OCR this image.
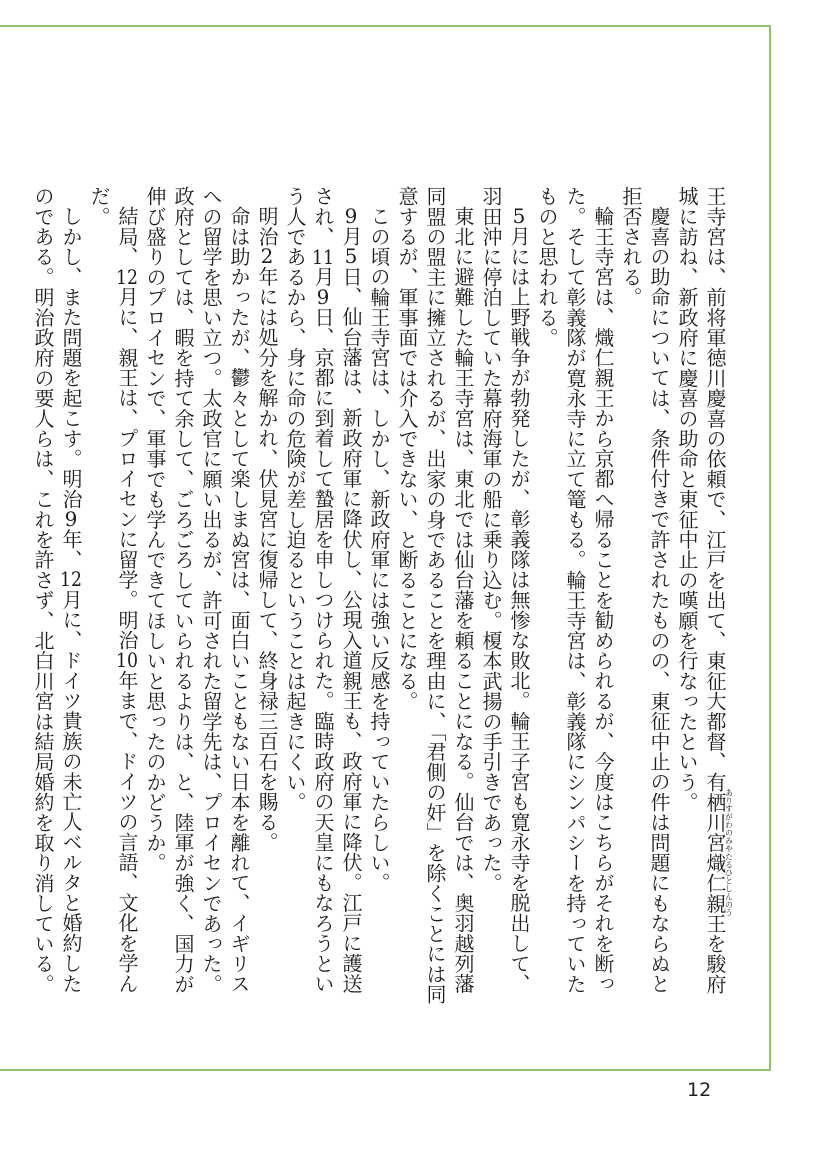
王寺宮は、前将軍徳川慶喜の依頼で、江戸を出て、東征大都督、有栖川宮熾仁親王ありすがわのみやたるひとしんのうを駿府城に訪ね、新政府に慶喜の助命と東征中止の嘆願を行なったという。

慶喜の助命については、条件付きで許されたものの、東征中止の件は問題にもならぬと拒否される。

輪王寺宮は、熾仁親王から京都へ帰ることを勧められるが、今度はこちらがそれを断った。そして彰義隊が寛永寺に立て篭もる。輪王寺宮は、彰義隊にシンパシーを持っていたものと思われる。

5月には上野戦争が勃発したが、彰義隊は無惨な敗北。輪王子宮も寛永寺を脱出して、羽田沖に停泊していた幕府海軍の船に乗り込む。榎本武揚の手引きであった。

東北に避難した輪王寺宮は、東北では仙台藩を頼ることになる。仙台では、奥羽越列藩同盟の盟主に擁立されるが、出家の身であることを理由に、「君側の奸」を除くことには同意するが、軍事面では介入できない、と断ることになる。

この頃の輪王寺宮は、しかし、新政府軍には強い反感を持っていたらしい。

9月5日、仙台藩は、新政府軍に降伏し、公現入道親王も、政府軍に降伏。江戸に護送され、11月9日、京都に到着して蟄居を申しつけられた。臨時政府の天皇にもなろうという人であるから、身に命の危険が差し迫るということは起きにくい。

明治2年には処分を解かれ、伏見宮に復帰して、終身禄三百石を賜る。

命は助かったが、鬱々として楽しまぬ宮は、面白いこともない日本を離れて、イギリスへの留学を思い立つ。太政官に願い出るが、許可された留学先は、プロイセンであった。政府としては、暇を持て余して、ごろごろしていられるよりは、と、陸軍が強く、国力が伸び盛りのプロイセンで、軍事でも学んできてほしいと思ったのかどうか。

結局、12月に、親王は、プロイセンに留学。明治10年まで、ドイツの言語、文化を学んだ。

しかし、また問題を起こす。明治9年、12月に、ドイツ貴族の未亡人ベルタと婚約したのである。明治政府の要人らは、これを許さず、北白川宮は結局婚約を取り消している。

12
